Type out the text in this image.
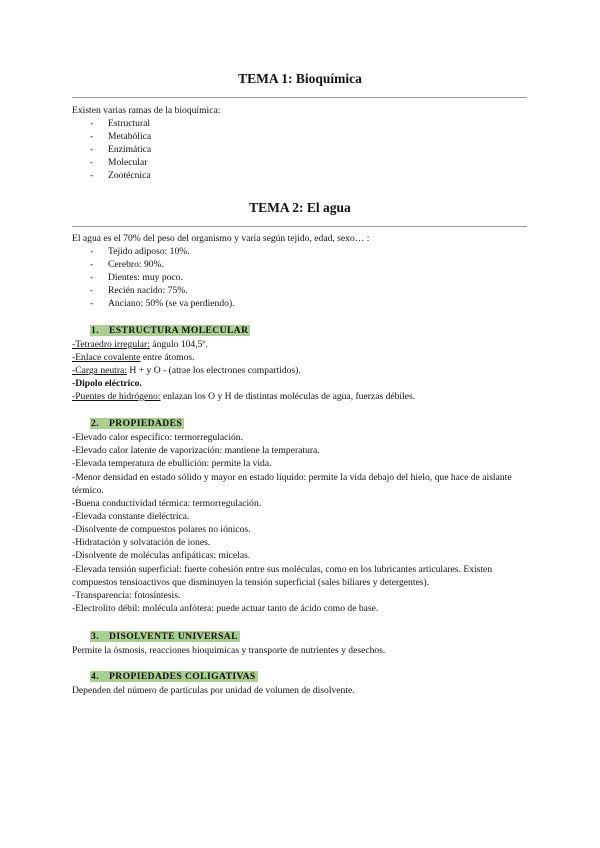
TEMA 1: Bioquímica
Existen varias ramas de la bioquímica:
- Estructural
- Metabólica
- Enzimática
- Molecular
- Zootécnica
TEMA 2: El agua
El agua es el 70% del peso del organismo y varía según tejido, edad, sexo… :
- Tejido adiposo: 10%.
- Cerebro: 90%.
- Dientes: muy poco.
- Recién nacido: 75%.
- Anciano: 50% (se va perdiendo).
1. ESTRUCTURA MOLECULAR
-Tetraedro irregular: ángulo 104,5º.
-Enlace covalente entre átomos.
-Carga neutra: H + y O - (atrae los electrones compartidos).
-Dipolo eléctrico.
-Puentes de hidrógeno: enlazan los O y H de distintas moléculas de agua, fuerzas débiles.
2. PROPIEDADES
-Elevado calor específico: termorregulación.
-Elevado calor latente de vaporización: mantiene la temperatura.
-Elevada temperatura de ebullición: permite la vida.
-Menor densidad en estado sólido y mayor en estado líquido: permite la vida debajo del hielo, que hace de aislante térmico.
-Buena conductividad térmica: termorregulación.
-Elevada constante dieléctrica.
-Disolvente de compuestos polares no iónicos.
-Hidratación y solvatación de iones.
-Disolvente de moléculas anfipáticas: micelas.
-Elevada tensión superficial: fuerte cohesión entre sus moléculas, como en los lubricantes articulares. Existen compuestos tensioactivos que disminuyen la tensión superficial (sales biliares y detergentes).
-Transparencia: fotosíntesis.
-Electrolito débil: molécula anfótera: puede actuar tanto de ácido como de base.
3. DISOLVENTE UNIVERSAL
Permite la ósmosis, reacciones bioquímicas y transporte de nutrientes y desechos.
4. PROPIEDADES COLIGATIVAS
Dependen del número de partículas por unidad de volumen de disolvente.
